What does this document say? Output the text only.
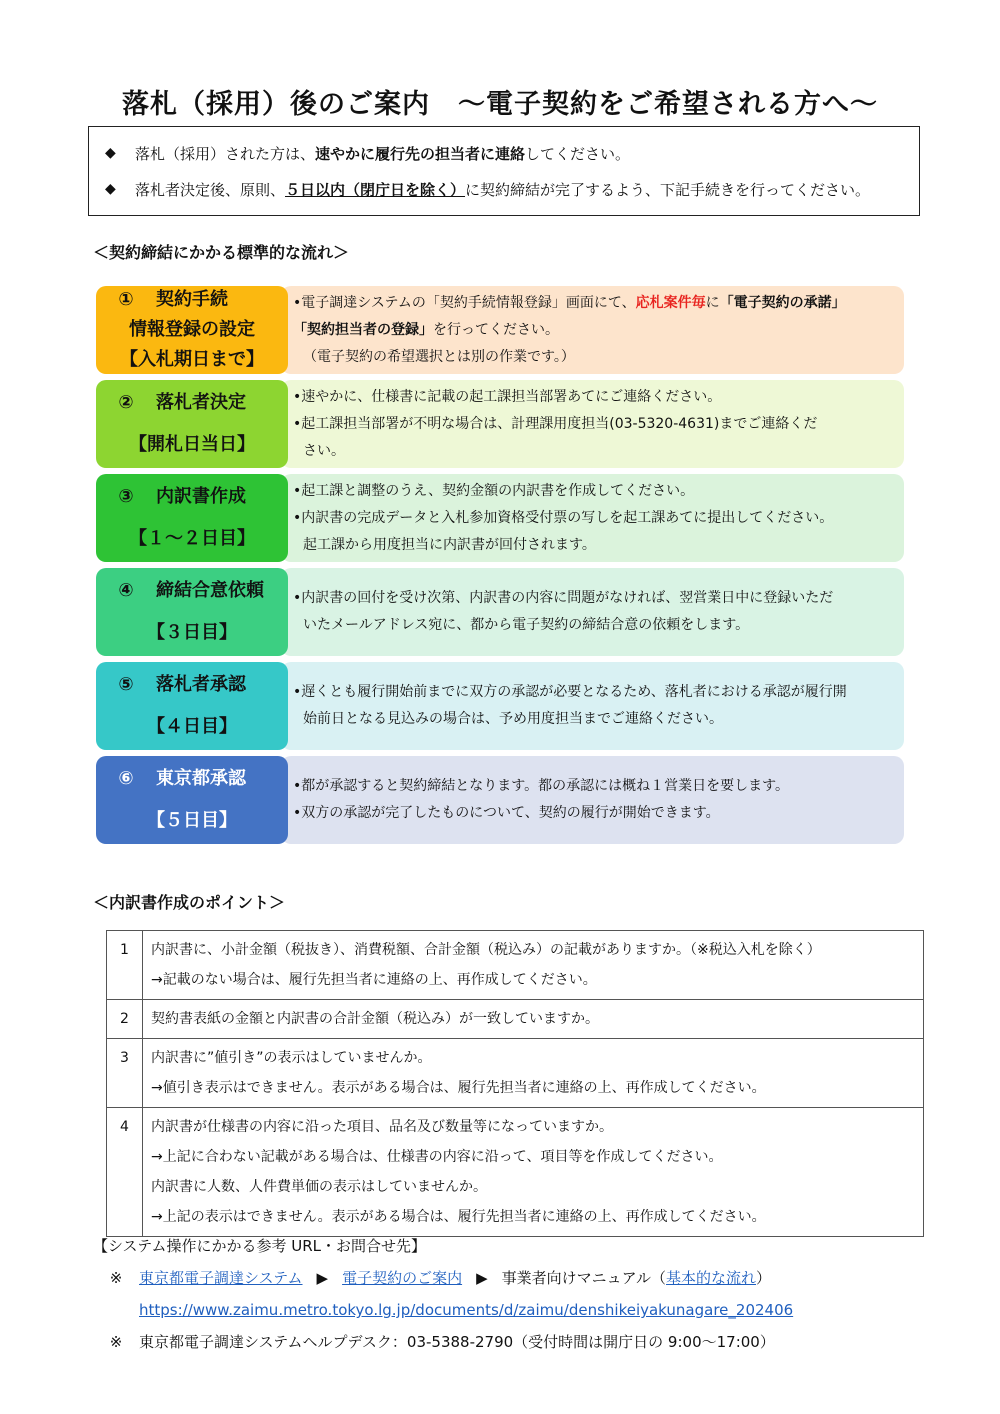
落札（採用）後のご案内　～電子契約をご希望される方へ～
◆	落札（採用）された方は、 速やかに履行先の担当者に連絡 してください。
◆	落札者決定後、原則、 ５日以内（閉庁日を除く） に契約締結が完了するよう、下記手続きを行ってください。
＜契約締結にかかる標準的な流れ＞
①	契約手続
情報登録の設定
【入札期日まで】
•電子調達システムの「契約手続情報登録」画面にて、応札案件毎に「電子契約の承諾」
「契約担当者の登録」を行ってください。
（電子契約の希望選択とは別の作業です。）
②	落札者決定
【開札日当日】
•速やかに、仕様書に記載の起工課担当部署あてにご連絡ください。
•起工課担当部署が不明な場合は、計理課用度担当(03-5320-4631)までご連絡くだ
さい。
③	内訳書作成
【１～２日目】
•起工課と調整のうえ、契約金額の内訳書を作成してください。
•内訳書の完成データと入札参加資格受付票の写しを起工課あてに提出してください。
起工課から用度担当に内訳書が回付されます。
④	締結合意依頼
【３日目】
•内訳書の回付を受け次第、内訳書の内容に問題がなければ、翌営業日中に登録いただ
いたメールアドレス宛に、都から電子契約の締結合意の依頼をします。
⑤	落札者承認
【４日目】
•遅くとも履行開始前までに双方の承認が必要となるため、落札者における承認が履行開
始前日となる見込みの場合は、予め用度担当までご連絡ください。
⑥	東京都承認
【５日目】
•都が承認すると契約締結となります。都の承認には概ね１営業日を要します。
•双方の承認が完了したものについて、契約の履行が開始できます。
＜内訳書作成のポイント＞
1	内訳書に、小計金額（税抜き）、消費税額、合計金額（税込み）の記載がありますか。（※税込入札を除く）
→記載のない場合は、履行先担当者に連絡の上、再作成してください。

2	契約書表紙の金額と内訳書の合計金額（税込み）が一致していますか。

3	内訳書に”値引き”の表示はしていませんか。
→値引き表示はできません。表示がある場合は、履行先担当者に連絡の上、再作成してください。

4	内訳書が仕様書の内容に沿った項目、品名及び数量等になっていますか。
→上記に合わない記載がある場合は、仕様書の内容に沿って、項目等を作成してください。
内訳書に人数、人件費単価の表示はしていませんか。
→上記の表示はできません。表示がある場合は、履行先担当者に連絡の上、再作成してください。
【システム操作にかかる参考 URL・お問合せ先】
※	東京都電子調達システム ▶ 電子契約のご案内 ▶ 事業者向けマニュアル（ 基本的な流れ ）
https://www.zaimu.metro.tokyo.lg.jp/documents/d/zaimu/denshikeiyakunagare_202406
※	東京都電子調達システムヘルプデスク：03-5388-2790（受付時間は開庁日の 9:00～17:00）
